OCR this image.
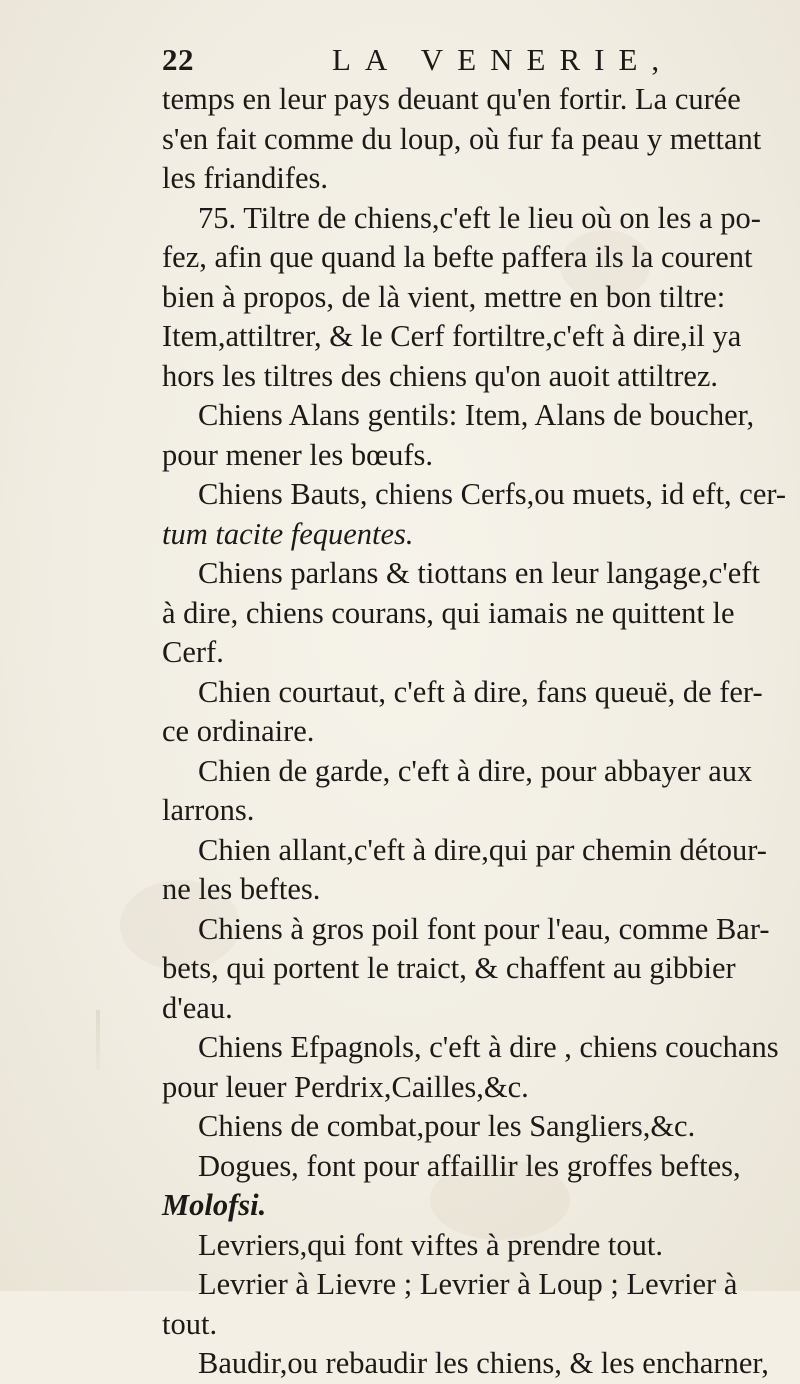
22	LA VENERIE,
temps en leur pays deuant qu'en fortir. La curée
s'en fait comme du loup, où fur fa peau y mettant
les friandifes.
75. Tiltre de chiens,c'eft le lieu où on les a po-
fez, afin que quand la befte paffera ils la courent
bien à propos, de là vient, mettre en bon tiltre:
Item,attiltrer, & le Cerf fortiltre,c'eft à dire,il ya
hors les tiltres des chiens qu'on auoit attiltrez.
Chiens Alans gentils: Item, Alans de boucher,
pour mener les bœufs.
Chiens Bauts, chiens Cerfs,ou muets, id eft, cer-
tum tacite fequentes.
Chiens parlans & tiottans en leur langage,c'eft
à dire, chiens courans, qui iamais ne quittent le
Cerf.
Chien courtaut, c'eft à dire, fans queuë, de fer-
ce ordinaire.
Chien de garde, c'eft à dire, pour abbayer aux
larrons.
Chien allant,c'eft à dire,qui par chemin détour-
ne les beftes.
Chiens à gros poil font pour l'eau, comme Bar-
bets, qui portent le traict, & chaffent au gibbier
d'eau.
Chiens Efpagnols, c'eft à dire , chiens couchans
pour leuer Perdrix,Cailles,&c.
Chiens de combat,pour les Sangliers,&c.
Dogues, font pour affaillir les groffes beftes,
Molofsi.
Levriers,qui font viftes à prendre tout.
Levrier à Lievre ; Levrier à Loup ; Levrier à
tout.
Baudir,ou rebaudir les chiens, & les encharner,
